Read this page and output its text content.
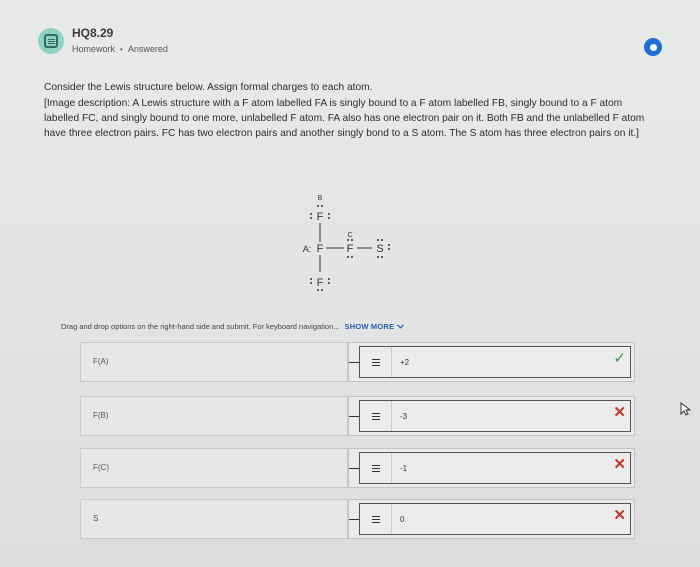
HQ8.29
Homework • Answered

Consider the Lewis structure below. Assign formal charges to each atom.

[Image description: A Lewis structure with a F atom labelled FA is singly bound to a F atom labelled FB, singly bound to a F atom labelled FC, and singly bound to one more, unlabelled F atom. FA also has one electron pair on it. Both FB and the unlabelled F atom have three electron pairs. FC has two electron pairs and another singly bond to a S atom. The S atom has three electron pairs on it.]

B
F
A: F
C
F S
F
Drag and drop options on the right-hand side and submit. For keyboard navigation... SHOW MORE
F(A)	+2	✓
F(B)	-3	✕
F(C)	-1	✕
S	0	✕
